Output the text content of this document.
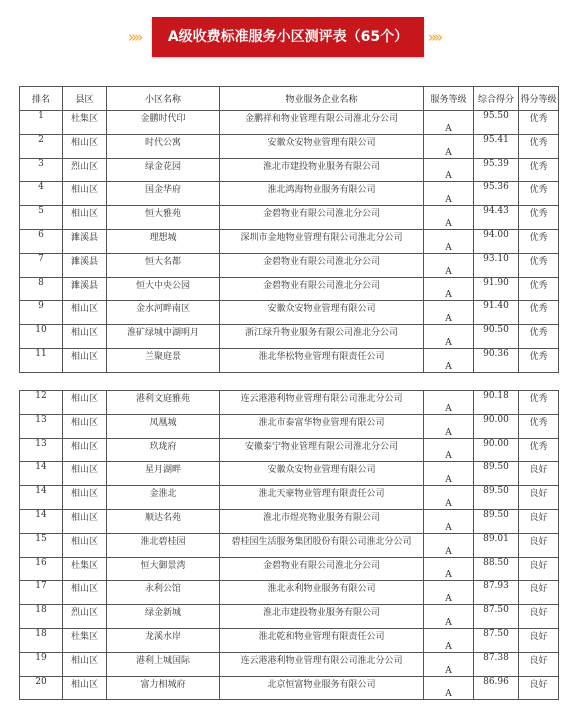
»»	A级收费标准服务小区测评表（65个）	»»
排名	县区	小区名称	物业服务企业名称	服务等级	综合得分	得分等级
1	杜集区	金鹏时代印	金鹏祥和物业管理有限公司淮北分公司	A	95.50	优秀
2	相山区	时代公寓	安徽众安物业管理有限公司	A	95.41	优秀
3	烈山区	绿金花园	淮北市建投物业服务有限公司	A	95.39	优秀
4	相山区	国金华府	淮北鸿海物业服务有限公司	A	95.36	优秀
5	相山区	恒大雅苑	金碧物业有限公司淮北分公司	A	94.43	优秀
6	濉溪县	理想城	深圳市金地物业管理有限公司淮北分公司	A	94.00	优秀
7	濉溪县	恒大名都	金碧物业有限公司淮北分公司	A	93.10	优秀
8	濉溪县	恒大中央公园	金碧物业有限公司淮北分公司	A	91.90	优秀
9	相山区	金水河畔南区	安徽众安物业管理有限公司	A	91.40	优秀
10	相山区	淮矿绿城中湖明月	浙江绿升物业服务有限公司淮北分公司	A	90.50	优秀
11	相山区	兰聚庭景	淮北华松物业管理有限责任公司	A	90.36	优秀
12	相山区	港利文庭雅苑	连云港港利物业管理有限公司淮北分公司	A	90.18	优秀
13	相山区	凤凰城	淮北市泰富华物业管理有限公司	A	90.00	优秀
13	相山区	玖珑府	安徽泰宁物业管理有限公司淮北分公司	A	90.00	优秀
14	相山区	星月湖畔	安徽众安物业管理有限公司	A	89.50	良好
14	相山区	金淮北	淮北天豪物业管理有限责任公司	A	89.50	良好
14	相山区	顺达名苑	淮北市煜亮物业服务有限公司	A	89.50	良好
15	相山区	淮北碧桂园	碧桂园生活服务集团股份有限公司淮北分公司	A	89.01	良好
16	杜集区	恒大御景湾	金碧物业有限公司淮北分公司	A	88.50	良好
17	相山区	永利公馆	淮北永利物业服务有限公司	A	87.93	良好
18	烈山区	绿金新城	淮北市建投物业服务有限公司	A	87.50	良好
18	杜集区	龙溪水岸	淮北乾和物业管理有限责任公司	A	87.50	良好
19	相山区	港利上城国际	连云港港利物业管理有限公司淮北分公司	A	87.38	良好
20	相山区	富力相城府	北京恒富物业服务有限公司	A	86.96	良好
